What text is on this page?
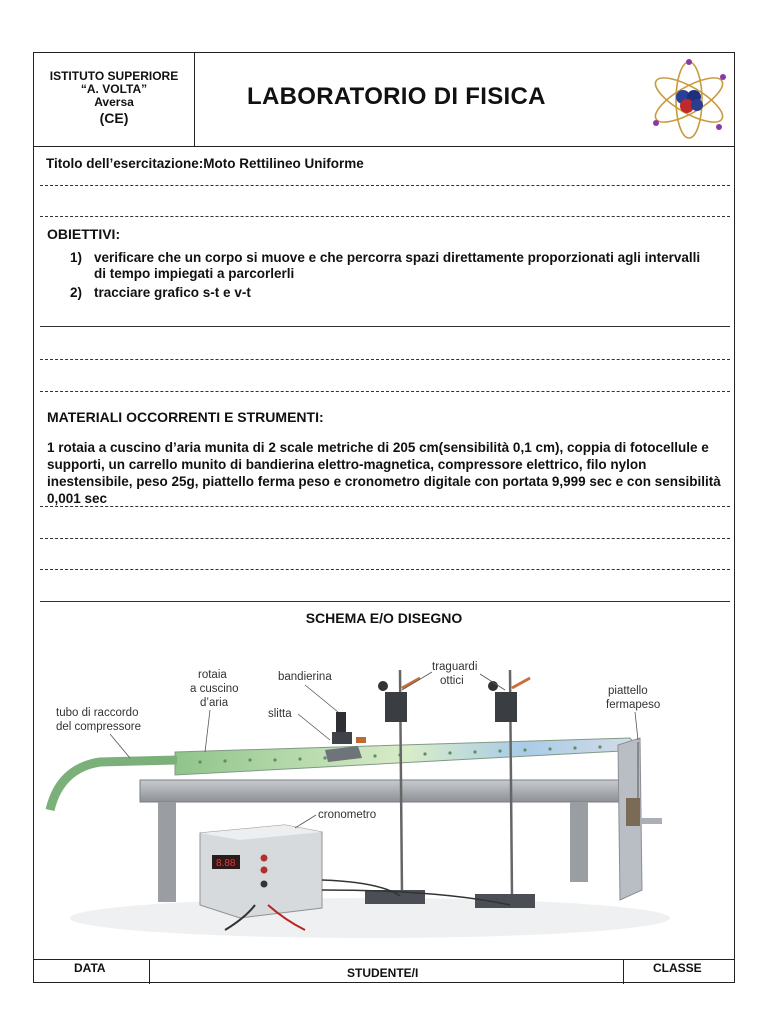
ISTITUTO SUPERIORE
“A. VOLTA”
Aversa
(CE)
LABORATORIO DI FISICA
Titolo dell’esercitazione:Moto Rettilineo Uniforme
OBIETTIVI:
1) verificare che un corpo si muove e che percorra spazi direttamente proporzionati agli intervalli di tempo impiegati a parcorlerli
2) tracciare grafico s-t e v-t
MATERIALI OCCORRENTI E STRUMENTI:
1 rotaia a cuscino d’aria munita di 2 scale metriche di 205 cm(sensibilità 0,1 cm), coppia di fotocellule e supporti, un carrello munito di bandierina elettro-magnetica, compressore elettrico, filo nylon inestensibile, peso 25g, piattello ferma peso e cronometro digitale con portata 9,999 sec e con sensibilità 0,001 sec
SCHEMA E/O DISEGNO
DATA	STUDENTE/I	CLASSE
8.88
tubo di raccordo
del compressore
rotaia
a cuscino
d’aria
bandierina
slitta
traguardi
ottici
piattello
fermapeso
cronometro
